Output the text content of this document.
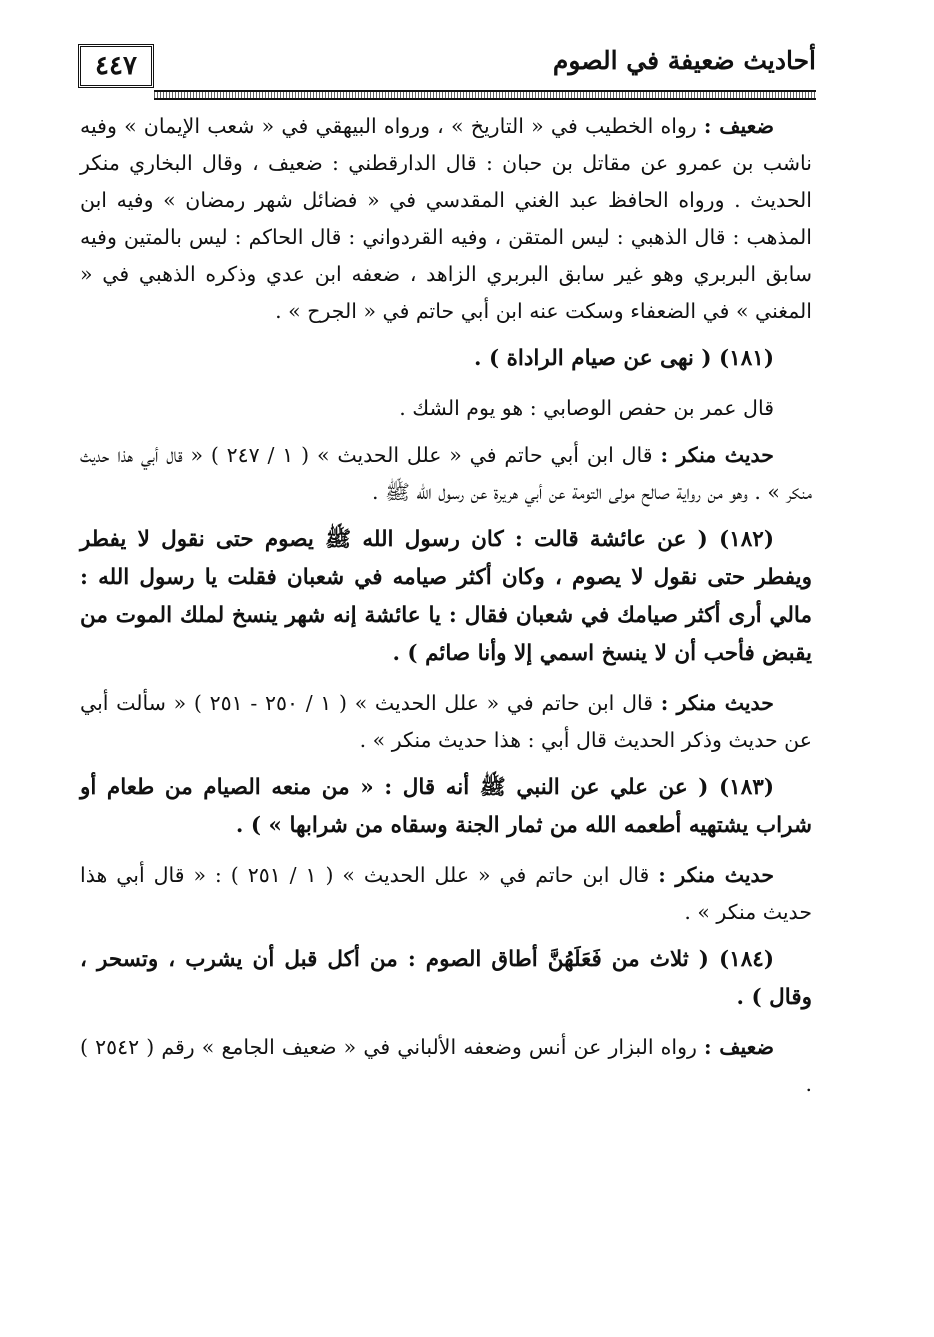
٤٤٧	أحاديث ضعيفة في الصوم

ضعيف : رواه الخطيب في « التاريخ » ، ورواه البيهقي في « شعب الإيمان » وفيه ناشب بن عمرو عن مقاتل بن حبان : قال الدارقطني : ضعيف ، وقال البخاري منكر الحديث . ورواه الحافظ عبد الغني المقدسي في « فضائل شهر رمضان » وفيه ابن المذهب : قال الذهبي : ليس المتقن ، وفيه القردواني : قال الحاكم : ليس بالمتين وفيه سابق البربري وهو غير سابق البربري الزاهد ، ضعفه ابن عدي وذكره الذهبي في « المغني » في الضعفاء وسكت عنه ابن أبي حاتم في « الجرح » .

(١٨١) ( نهى عن صيام الراداة ) .

قال عمر بن حفص الوصابي : هو يوم الشك .

حديث منكر : قال ابن أبي حاتم في « علل الحديث » ( ١ / ٢٤٧ ) « قال أبي هذا حديث منكر » . وهو من رواية صالح مولى التومة عن أبي هريرة عن رسول الله ﷺ .

(١٨٢) ( عن عائشة قالت : كان رسول الله ﷺ يصوم حتى نقول لا يفطر ويفطر حتى نقول لا يصوم ، وكان أكثر صيامه في شعبان فقلت يا رسول الله : مالي أرى أكثر صيامك في شعبان فقال : يا عائشة إنه شهر ينسخ لملك الموت من يقبض فأحب أن لا ينسخ اسمي إلا وأنا صائم ) .

حديث منكر : قال ابن حاتم في « علل الحديث » ( ١ / ٢٥٠ - ٢٥١ ) « سألت أبي عن حديث وذكر الحديث قال أبي : هذا حديث منكر » .

(١٨٣) ( عن علي عن النبي ﷺ أنه قال : « من منعه الصيام من طعام أو شراب يشتهيه أطعمه الله من ثمار الجنة وسقاه من شرابها » ) .

حديث منكر : قال ابن حاتم في « علل الحديث » ( ١ / ٢٥١ ) : « قال أبي هذا حديث منكر » .

(١٨٤) ( ثلاث من فَعَلَهُنَّ أطاق الصوم : من أكل قبل أن يشرب ، وتسحر ، وقال ) .

ضعيف : رواه البزار عن أنس وضعفه الألباني في « ضعيف الجامع » رقم ( ٢٥٤٢ ) .
